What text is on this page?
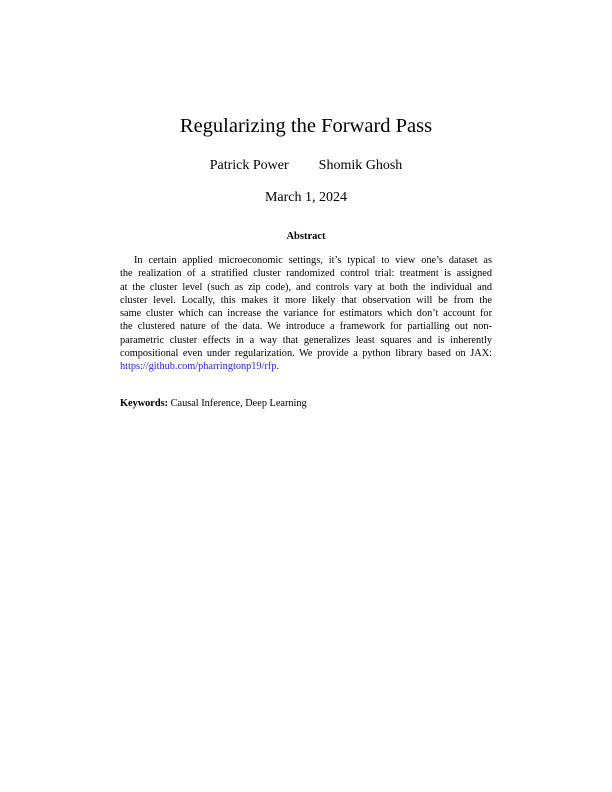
Regularizing the Forward Pass
Patrick Power Shomik Ghosh
March 1, 2024
Abstract
In certain applied microeconomic settings, it’s typical to view one’s dataset as
the realization of a stratified cluster randomized control trial: treatment is assigned
at the cluster level (such as zip code), and controls vary at both the individual and
cluster level. Locally, this makes it more likely that observation will be from the
same cluster which can increase the variance for estimators which don’t account for
the clustered nature of the data. We introduce a framework for partialling out non-
parametric cluster effects in a way that generalizes least squares and is inherently
compositional even under regularization. We provide a python library based on JAX:
https://github.com/pharringtonp19/rfp.
Keywords: Causal Inference, Deep Learning
